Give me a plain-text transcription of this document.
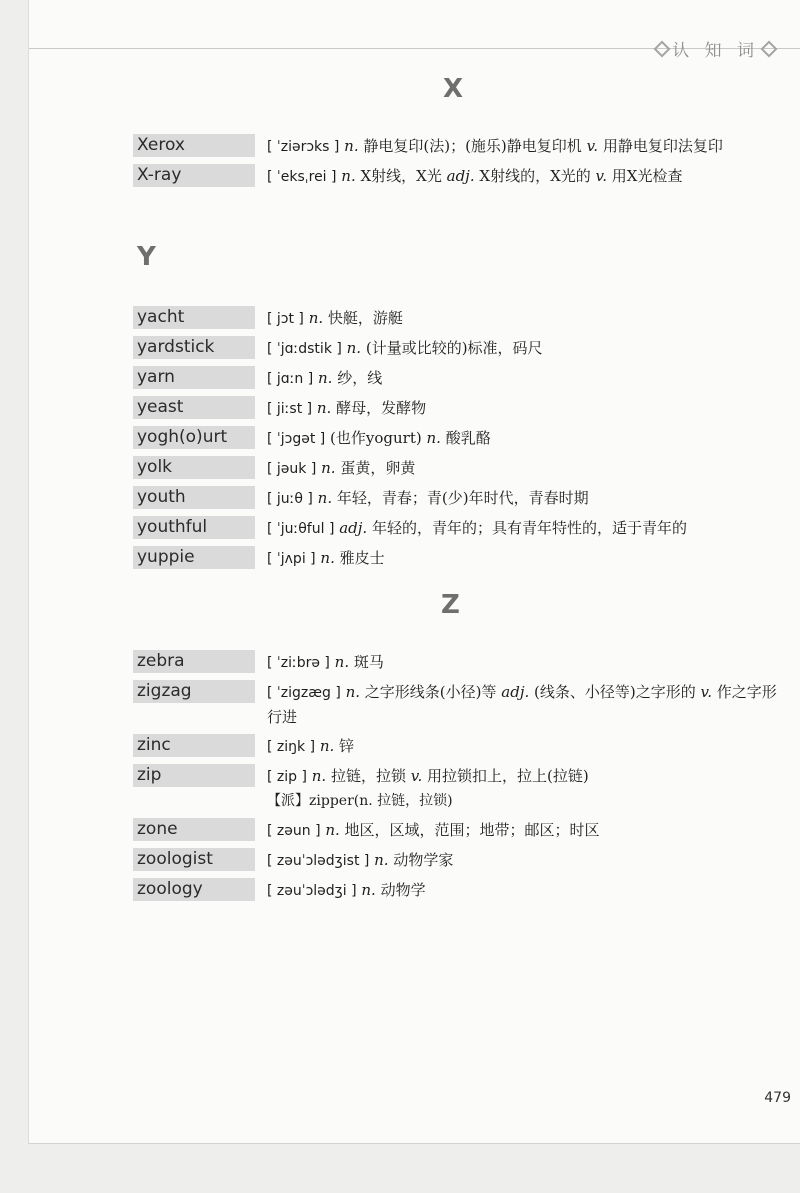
认 知 词
X
Xerox	[ ˈziərɔks ] n. 静电复印(法)；(施乐)静电复印机 v. 用静电复印法复印
X-ray	[ ˈeksˌrei ] n. X射线，X光 adj. X射线的，X光的 v. 用X光检查
Y
yacht	[ jɔt ] n. 快艇，游艇
yardstick	[ ˈjɑːdstik ] n. (计量或比较的)标准，码尺
yarn	[ jɑːn ] n. 纱，线
yeast	[ jiːst ] n. 酵母，发酵物
yogh(o)urt	[ ˈjɔgət ] (也作yogurt) n. 酸乳酪
yolk	[ jəuk ] n. 蛋黄，卵黄
youth	[ juːθ ] n. 年轻，青春；青(少)年时代，青春时期
youthful	[ ˈjuːθful ] adj. 年轻的，青年的；具有青年特性的，适于青年的
yuppie	[ ˈjʌpi ] n. 雅皮士
Z
zebra	[ ˈziːbrə ] n. 斑马
zigzag	[ ˈzigzæg ] n. 之字形线条(小径)等 adj. (线条、小径等)之字形的 v. 作之字形行进
zinc	[ ziŋk ] n. 锌
zip	[ zip ] n. 拉链，拉锁 v. 用拉锁扣上，拉上(拉链)
【派】zipper(n. 拉链，拉锁)
zone	[ zəun ] n. 地区，区域，范围；地带；邮区；时区
zoologist	[ zəuˈɔlədʒist ] n. 动物学家
zoology	[ zəuˈɔlədʒi ] n. 动物学
479
